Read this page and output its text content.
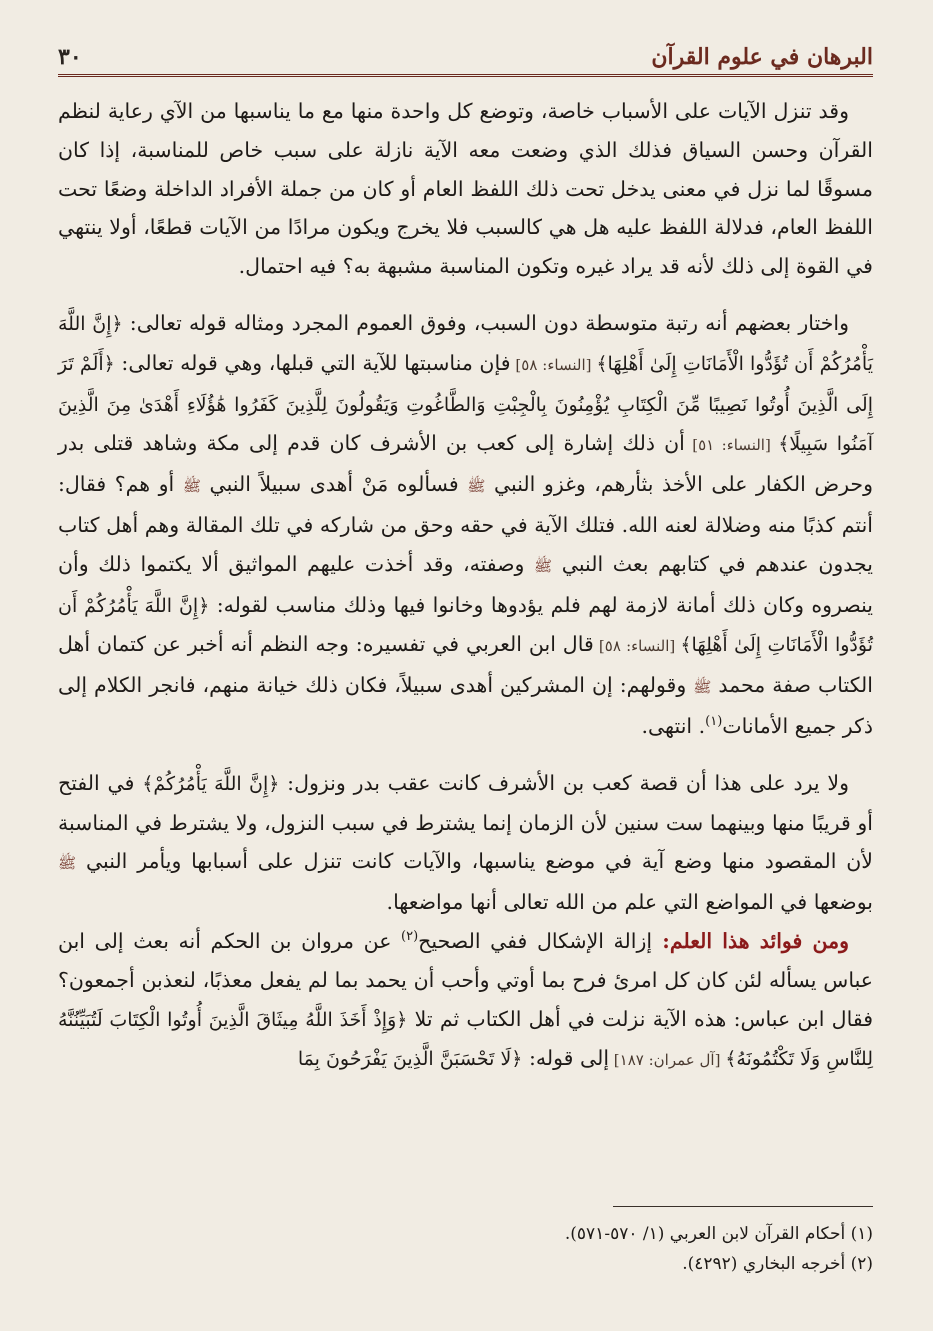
البرهان في علوم القرآن
٣٠

وقد تنزل الآيات على الأسباب خاصة، وتوضع كل واحدة منها مع ما يناسبها من الآي رعاية لنظم القرآن وحسن السياق فذلك الذي وضعت معه الآية نازلة على سبب خاص للمناسبة، إذا كان مسوقًا لما نزل في معنى يدخل تحت ذلك اللفظ العام أو كان من جملة الأفراد الداخلة وضعًا تحت اللفظ العام، فدلالة اللفظ عليه هل هي كالسبب فلا يخرج ويكون مرادًا من الآيات قطعًا، أولا ينتهي في القوة إلى ذلك لأنه قد يراد غيره وتكون المناسبة مشبهة به؟ فيه احتمال.

واختار بعضهم أنه رتبة متوسطة دون السبب، وفوق العموم المجرد ومثاله قوله تعالى: ﴿إِنَّ اللَّهَ يَأْمُرُكُمْ أَن تُؤَدُّوا الْأَمَانَاتِ إِلَىٰ أَهْلِهَا﴾ [النساء: ٥٨] فإن مناسبتها للآية التي قبلها، وهي قوله تعالى: ﴿أَلَمْ تَرَ إِلَى الَّذِينَ أُوتُوا نَصِيبًا مِّنَ الْكِتَابِ يُؤْمِنُونَ بِالْجِبْتِ وَالطَّاغُوتِ وَيَقُولُونَ لِلَّذِينَ كَفَرُوا هَٰؤُلَاءِ أَهْدَىٰ مِنَ الَّذِينَ آمَنُوا سَبِيلًا﴾ [النساء: ٥١] أن ذلك إشارة إلى كعب بن الأشرف كان قدم إلى مكة وشاهد قتلى بدر وحرض الكفار على الأخذ بثأرهم، وغزو النبي ﷺ فسألوه مَنْ أهدى سبيلاً النبي ﷺ أو هم؟ فقال: أنتم كذبًا منه وضلالة لعنه الله. فتلك الآية في حقه وحق من شاركه في تلك المقالة وهم أهل كتاب يجدون عندهم في كتابهم بعث النبي ﷺ وصفته، وقد أخذت عليهم المواثيق ألا يكتموا ذلك وأن ينصروه وكان ذلك أمانة لازمة لهم فلم يؤدوها وخانوا فيها وذلك مناسب لقوله: ﴿إِنَّ اللَّهَ يَأْمُرُكُمْ أَن تُؤَدُّوا الْأَمَانَاتِ إِلَىٰ أَهْلِهَا﴾ [النساء: ٥٨] قال ابن العربي في تفسيره: وجه النظم أنه أخبر عن كتمان أهل الكتاب صفة محمد ﷺ وقولهم: إن المشركين أهدى سبيلاً، فكان ذلك خيانة منهم، فانجر الكلام إلى ذكر جميع الأمانات$^{(١)}$. انتهى.

ولا يرد على هذا أن قصة كعب بن الأشرف كانت عقب بدر ونزول: ﴿إِنَّ اللَّهَ يَأْمُرُكُمْ﴾ في الفتح أو قريبًا منها وبينهما ست سنين لأن الزمان إنما يشترط في سبب النزول، ولا يشترط في المناسبة لأن المقصود منها وضع آية في موضع يناسبها، والآيات كانت تنزل على أسبابها ويأمر النبي ﷺ بوضعها في المواضع التي علم من الله تعالى أنها مواضعها.

ومن فوائد هذا العلم: إزالة الإشكال ففي الصحيح$^{(٢)}$ عن مروان بن الحكم أنه بعث إلى ابن عباس يسأله لئن كان كل امرئ فرح بما أوتي وأحب أن يحمد بما لم يفعل معذبًا، لنعذبن أجمعون؟ فقال ابن عباس: هذه الآية نزلت في أهل الكتاب ثم تلا ﴿وَإِذْ أَخَذَ اللَّهُ مِيثَاقَ الَّذِينَ أُوتُوا الْكِتَابَ لَتُبَيِّنُنَّهُ لِلنَّاسِ وَلَا تَكْتُمُونَهُ﴾ [آل عمران: ١٨٧] إلى قوله: ﴿لَا تَحْسَبَنَّ الَّذِينَ يَفْرَحُونَ بِمَا

(١) أحكام القرآن لابن العربي (١/ ٥٧٠-٥٧١).
(٢) أخرجه البخاري (٤٢٩٢).
